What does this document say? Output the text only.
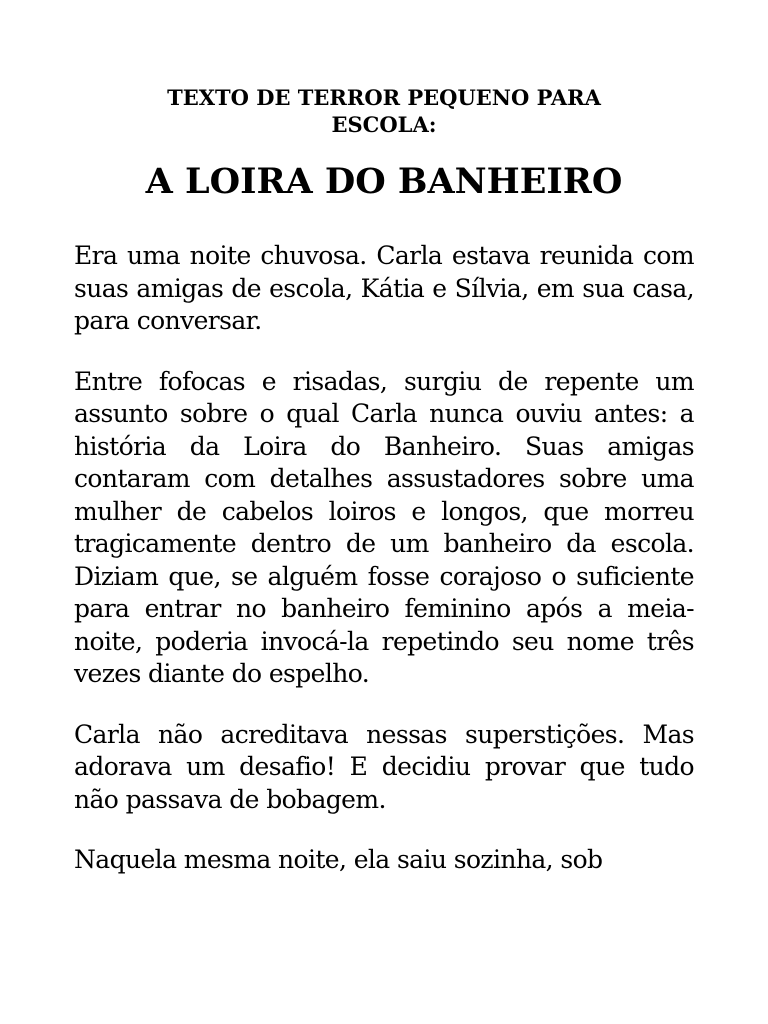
TEXTO DE TERROR PEQUENO PARA ESCOLA:
A LOIRA DO BANHEIRO

Era uma noite chuvosa. Carla estava reunida com suas amigas de escola, Kátia e Sílvia, em sua casa, para conversar.

Entre fofocas e risadas, surgiu de repente um assunto sobre o qual Carla nunca ouviu antes: a história da Loira do Banheiro. Suas amigas contaram com detalhes assustadores sobre uma mulher de cabelos loiros e longos, que morreu tragicamente dentro de um banheiro da escola. Diziam que, se alguém fosse corajoso o suficiente para entrar no banheiro feminino após a meia-noite, poderia invocá-la repetindo seu nome três vezes diante do espelho.

Carla não acreditava nessas superstições. Mas adorava um desafio! E decidiu provar que tudo não passava de bobagem.

Naquela mesma noite, ela saiu sozinha, sob
